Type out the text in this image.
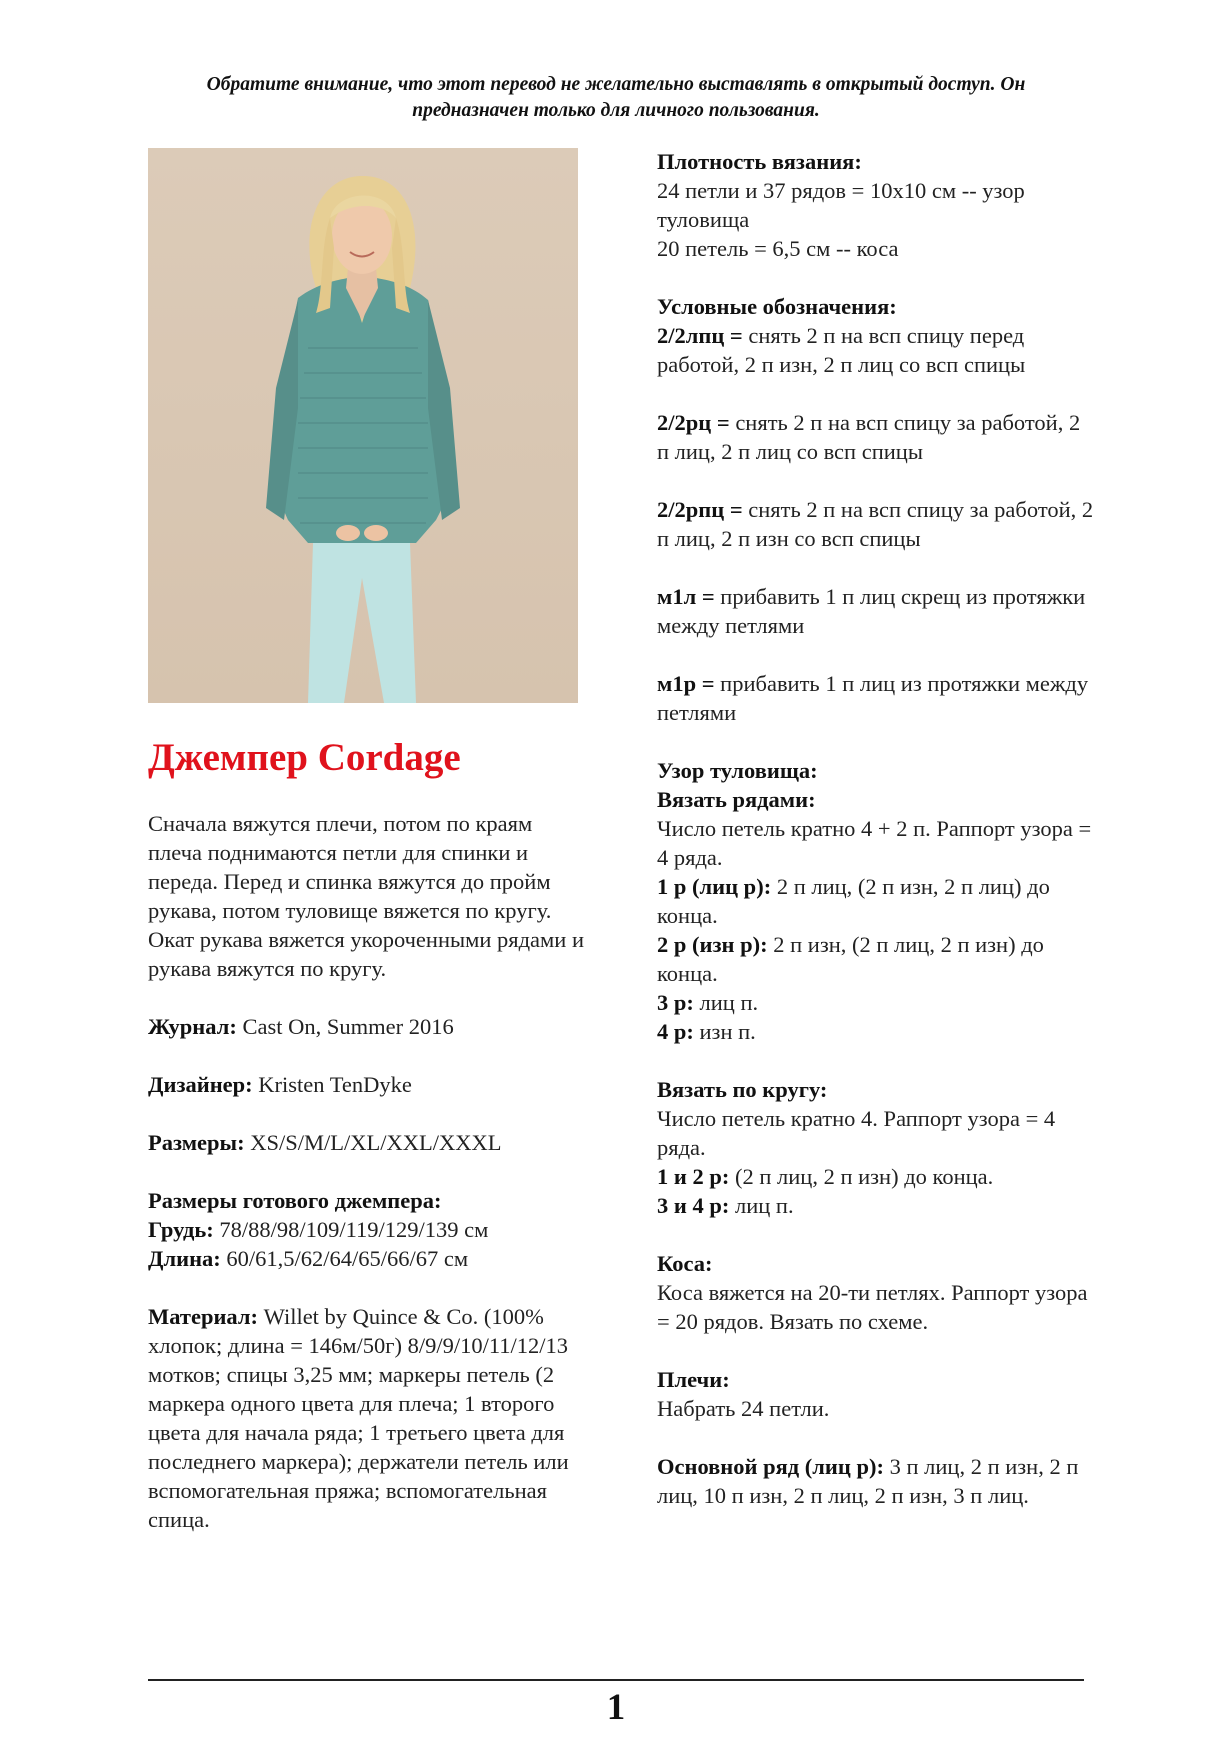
Обратите внимание, что этот перевод не желательно выставлять в открытый доступ. Он
предназначен только для личного пользования.
Джемпер Cordage

Сначала вяжутся плечи, потом по краям плеча поднимаются петли для спинки и переда. Перед и спинка вяжутся до пройм рукава, потом туловище вяжется по кругу. Окат рукава вяжется укороченными рядами и рукава вяжутся по кругу.

Журнал: Cast On, Summer 2016

Дизайнер: Kristen TenDyke

Размеры: XS/S/M/L/XL/XXL/XXXL

Размеры готового джемпера:

Грудь: 78/88/98/109/119/129/139 см

Длина: 60/61,5/62/64/65/66/67 см

Материал: Willet by Quince & Co. (100% хлопок; длина = 146м/50г) 8/9/9/10/11/12/13 мотков; спицы 3,25 мм; маркеры петель (2 маркера одного цвета для плеча; 1 второго цвета для начала ряда; 1 третьего цвета для последнего маркера); держатели петель или вспомогательная пряжа; вспомогательная спица.

Плотность вязания:

24 петли и 37 рядов = 10x10 см -- узор туловища

20 петель = 6,5 см -- коса

Условные обозначения:

2/2лпц = снять 2 п на всп спицу перед работой, 2 п изн, 2 п лиц со всп спицы

2/2рц = снять 2 п на всп спицу за работой, 2 п лиц, 2 п лиц со всп спицы

2/2рпц = снять 2 п на всп спицу за работой, 2 п лиц, 2 п изн со всп спицы

м1л = прибавить 1 п лиц скрещ из протяжки между петлями

м1р = прибавить 1 п лиц из протяжки между петлями

Узор туловища:

Вязать рядами:

Число петель кратно 4 + 2 п. Раппорт узора = 4 ряда.

1 р (лиц р): 2 п лиц, (2 п изн, 2 п лиц) до конца.

2 р (изн р): 2 п изн, (2 п лиц, 2 п изн) до конца.

3 р: лиц п.

4 р: изн п.

Вязать по кругу:

Число петель кратно 4. Раппорт узора = 4 ряда.

1 и 2 р: (2 п лиц, 2 п изн) до конца.

3 и 4 р: лиц п.

Коса:

Коса вяжется на 20-ти петлях. Раппорт узора = 20 рядов. Вязать по схеме.

Плечи:

Набрать 24 петли.

Основной ряд (лиц р): 3 п лиц, 2 п изн, 2 п лиц, 10 п изн, 2 п лиц, 2 п изн, 3 п лиц.

1
